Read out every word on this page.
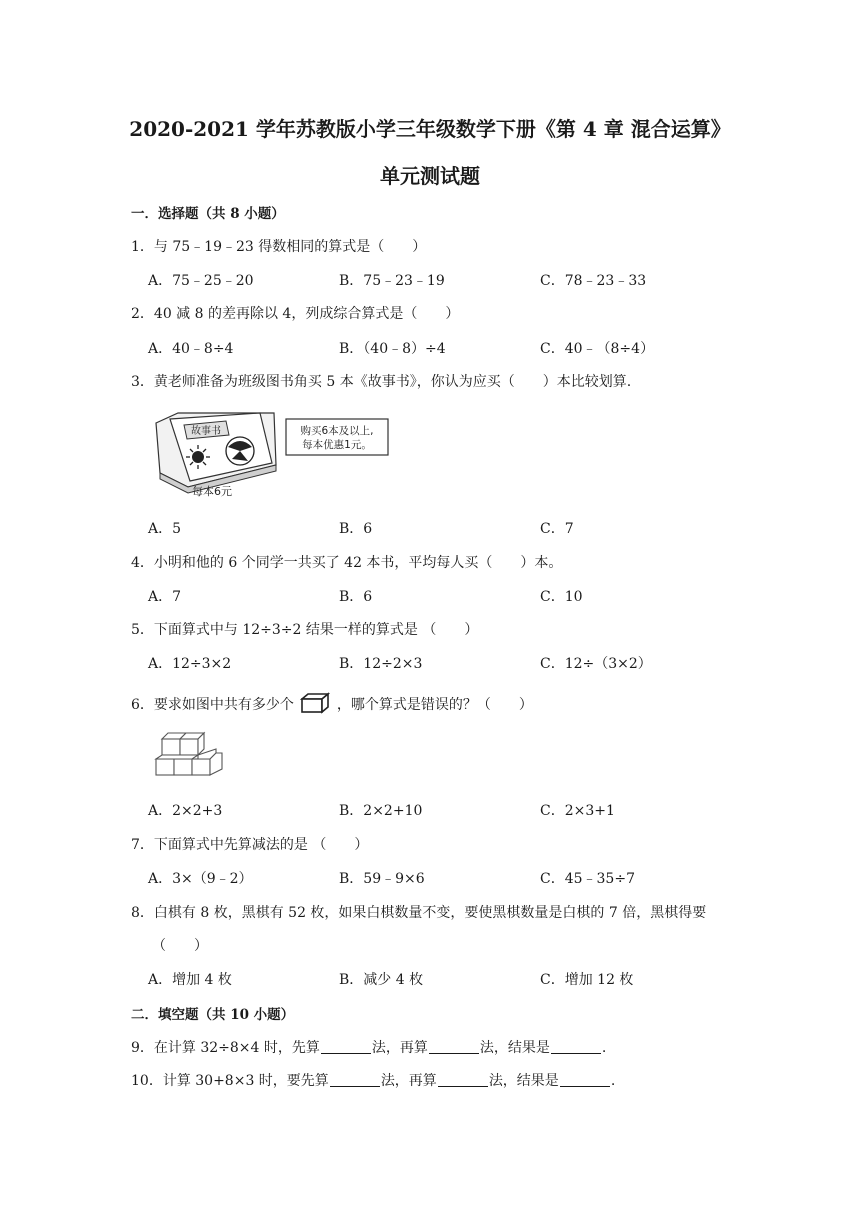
2020-2021 学年苏教版小学三年级数学下册《第 4 章 混合运算》
单元测试题
一．选择题（共 8 小题）
1．与 75﹣19﹣23 得数相同的算式是（　　）
A．75﹣25﹣20	B．75﹣23﹣19	C．78﹣23﹣33
2．40 减 8 的差再除以 4，列成综合算式是（　　）
A．40﹣8÷4	B．（40﹣8）÷4	C．40﹣（8÷4）
3．黄老师准备为班级图书角买 5 本《故事书》，你认为应买（　　）本比较划算.
购买6本及以上,
每本优惠1元。
故事书
每本6元
A．5	B．6	C．7
4．小明和他的 6 个同学一共买了 42 本书，平均每人买（　　）本。
A．7	B．6	C．10
5．下面算式中与 12÷3÷2 结果一样的算式是 （　　）
A．12÷3×2	B．12÷2×3	C．12÷（3×2）
6．要求如图中共有多少个	，哪个算式是错误的？（　　）
A．2×2+3	B．2×2+10	C．2×3+1
7．下面算式中先算减法的是 （　　）
A．3×（9﹣2）	B．59﹣9×6	C．45﹣35÷7
8．白棋有 8 枚，黑棋有 52 枚，如果白棋数量不变，要使黑棋数量是白棋的 7 倍，黑棋得要
（　　）
A．增加 4 枚	B．减少 4 枚	C．增加 12 枚
二．填空题（共 10 小题）
9．在计算 32÷8×4 时，先算	法，再算	法，结果是	.
10．计算 30+8×3 时，要先算	法，再算	法，结果是	.
